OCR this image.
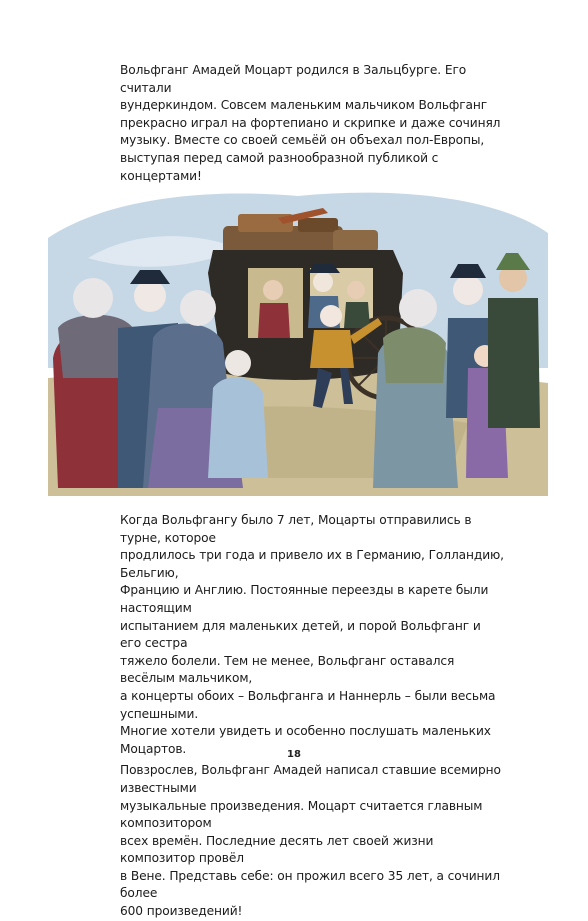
Вольфганг Амадей Моцарт родился в Зальцбурге. Его считали
вундеркиндом. Совсем маленьким мальчиком Вольфганг
прекрасно играл на фортепиано и скрипке и даже сочинял
музыку. Вместе со своей семьёй он объехал пол-Европы,
выступая перед самой разнообразной публикой с концертами!

Когда Вольфгангу было 7 лет, Моцарты отправились в турне, которое
продлилось три года и привело их в Германию, Голландию, Бельгию,
Францию и Англию. Постоянные переезды в карете были настоящим
испытанием для маленьких детей, и порой Вольфганг и его сестра
тяжело болели. Тем не менее, Вольфганг оставался весёлым мальчиком,
а концерты обоих – Вольфганга и Наннерль – были весьма успешными.
Многие хотели увидеть и особенно послушать маленьких Моцартов.

Повзрослев, Вольфганг Амадей написал ставшие всемирно известными
музыкальные произведения. Моцарт считается главным композитором
всех времён. Последние десять лет своей жизни композитор провёл
в Вене. Представь себе: он прожил всего 35 лет, а сочинил более
600 произведений!

18
